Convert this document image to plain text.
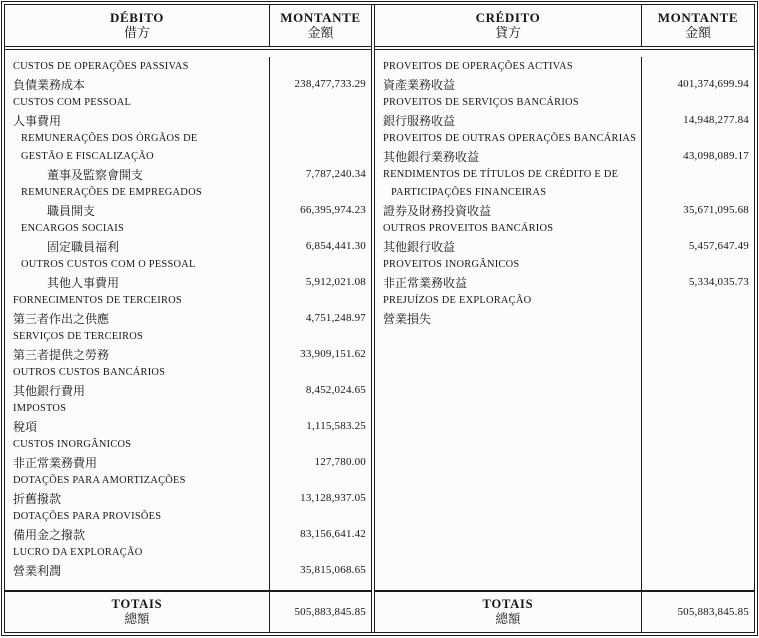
DÉBITO
借方
MONTANTE
金額
CUSTOS DE OPERAÇÕES PASSIVAS
負債業務成本	238,477,733.29
CUSTOS COM PESSOAL
人事費用
REMUNERAÇÕES DOS ÓRGÃOS DE
GESTÃO E FISCALIZAÇÃO
董事及監察會開支	7,787,240.34
REMUNERAÇÕES DE EMPREGADOS
職員開支	66,395,974.23
ENCARGOS SOCIAIS
固定職員福利	6,854,441.30
OUTROS CUSTOS COM O PESSOAL
其他人事費用	5,912,021.08
FORNECIMENTOS DE TERCEIROS
第三者作出之供應	4,751,248.97
SERVIÇOS DE TERCEIROS
第三者提供之勞務	33,909,151.62
OUTROS CUSTOS BANCÁRIOS
其他銀行費用	8,452,024.65
IMPOSTOS
稅項	1,115,583.25
CUSTOS INORGÂNICOS
非正常業務費用	127,780.00
DOTAÇÕES PARA AMORTIZAÇÕES
折舊撥款	13,128,937.05
DOTAÇÕES PARA PROVISÕES
備用金之撥款	83,156,641.42
LUCRO DA EXPLORAÇÃO
營業利潤	35,815,068.65
TOTAIS
總額	505,883,845.85
CRÉDITO
貸方
MONTANTE
金額
PROVEITOS DE OPERAÇÕES ACTIVAS
資產業務收益	401,374,699.94
PROVEITOS DE SERVIÇOS BANCÁRIOS
銀行服務收益	14,948,277.84
PROVEITOS DE OUTRAS OPERAÇÕES BANCÁRIAS
其他銀行業務收益	43,098,089.17
RENDIMENTOS DE TÍTULOS DE CRÉDITO E DE
PARTICIPAÇÕES FINANCEIRAS
證券及財務投資收益	35,671,095.68
OUTROS PROVEITOS BANCÁRIOS
其他銀行收益	5,457,647.49
PROVEITOS INORGÂNICOS
非正常業務收益	5,334,035.73
PREJUÍZOS DE EXPLORAÇÃO
營業損失
TOTAIS
總額	505,883,845.85
